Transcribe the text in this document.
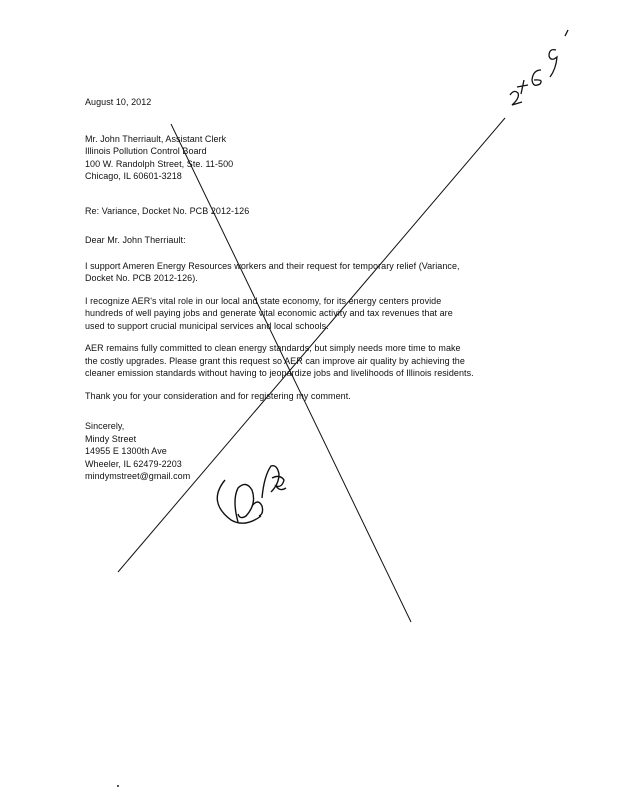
August 10, 2012
Mr. John Therriault, Assistant Clerk
Illinois Pollution Control Board
100 W. Randolph Street, Ste. 11-500
Chicago, IL 60601-3218
Re: Variance, Docket No. PCB 2012-126
Dear Mr. John Therriault:
I support Ameren Energy Resources workers and their request for temporary relief (Variance,
Docket No. PCB 2012-126).
I recognize AER's vital role in our local and state economy, for its energy centers provide
hundreds of well paying jobs and generate vital economic activity and tax revenues that are
used to support crucial municipal services and local schools.
AER remains fully committed to clean energy standards, but simply needs more time to make
the costly upgrades. Please grant this request so AER can improve air quality by achieving the
cleaner emission standards without having to jeopardize jobs and livelihoods of Illinois residents.
Thank you for your consideration and for registering my comment.
Sincerely,
Mindy Street
14955 E 1300th Ave
Wheeler, IL 62479-2203
mindymstreet@gmail.com
